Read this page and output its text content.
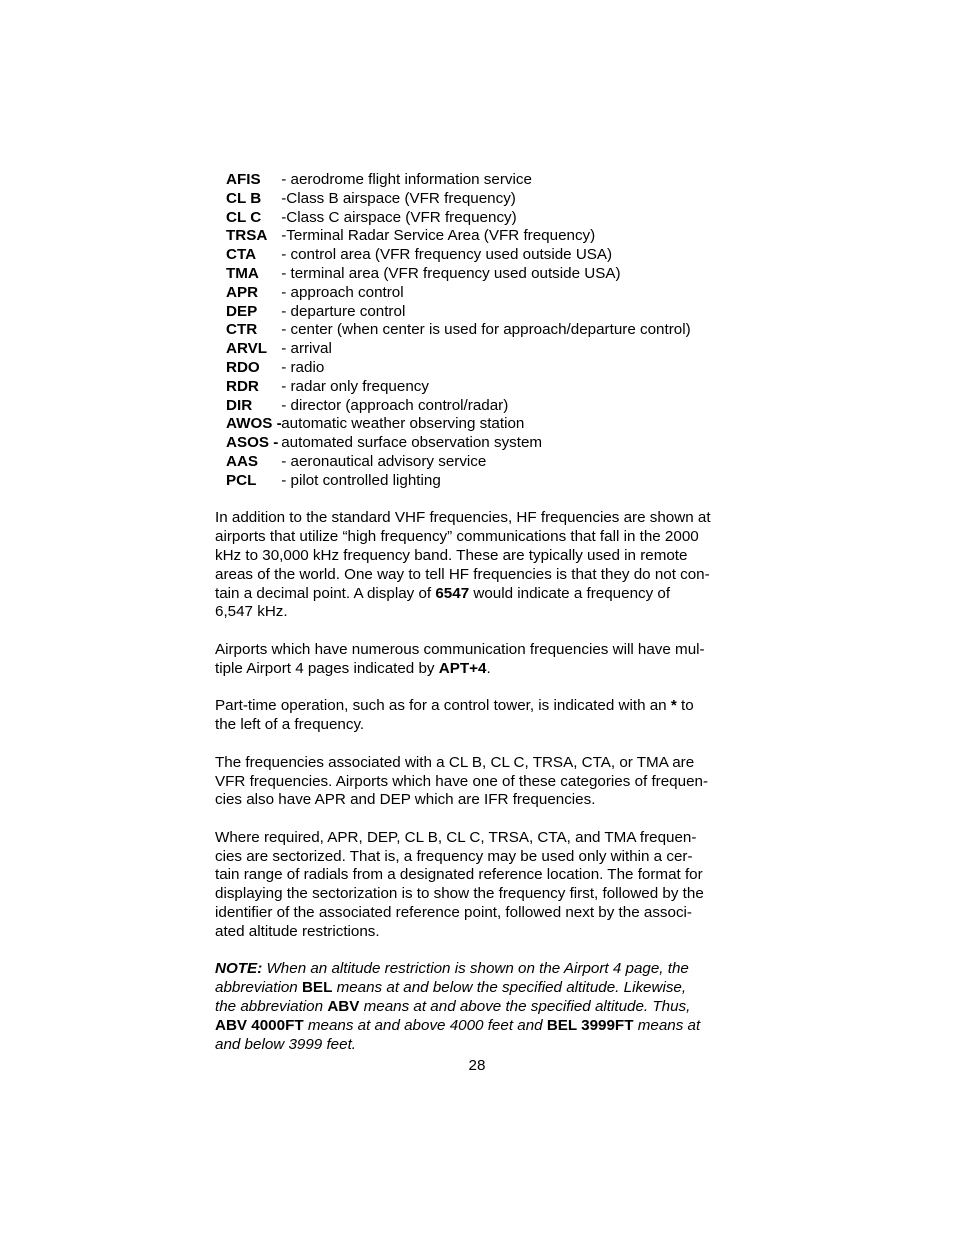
AFIS - aerodrome flight information service
CL B -Class B airspace (VFR frequency)
CL C -Class C airspace (VFR frequency)
TRSA -Terminal Radar Service Area (VFR frequency)
CTA - control area (VFR frequency used outside USA)
TMA - terminal area (VFR frequency used outside USA)
APR - approach control
DEP - departure control
CTR - center (when center is used for approach/departure control)
ARVL - arrival
RDO - radio
RDR - radar only frequency
DIR - director (approach control/radar)
AWOS - automatic weather observing station
ASOS - automated surface observation system
AAS - aeronautical advisory service
PCL - pilot controlled lighting

In addition to the standard VHF frequencies, HF frequencies are shown at
airports that utilize “high frequency” communications that fall in the 2000
kHz to 30,000 kHz frequency band. These are typically used in remote
areas of the world. One way to tell HF frequencies is that they do not con-
tain a decimal point. A display of 6547 would indicate a frequency of
6,547 kHz.

Airports which have numerous communication frequencies will have mul-
tiple Airport 4 pages indicated by APT+4.

Part-time operation, such as for a control tower, is indicated with an * to
the left of a frequency.

The frequencies associated with a CL B, CL C, TRSA, CTA, or TMA are
VFR frequencies. Airports which have one of these categories of frequen-
cies also have APR and DEP which are IFR frequencies.

Where required, APR, DEP, CL B, CL C, TRSA, CTA, and TMA frequen-
cies are sectorized. That is, a frequency may be used only within a cer-
tain range of radials from a designated reference location. The format for
displaying the sectorization is to show the frequency first, followed by the
identifier of the associated reference point, followed next by the associ-
ated altitude restrictions.

NOTE: When an altitude restriction is shown on the Airport 4 page, the
abbreviation BEL means at and below the specified altitude. Likewise,
the abbreviation ABV means at and above the specified altitude. Thus,
ABV 4000FT means at and above 4000 feet and BEL 3999FT means at
and below 3999 feet.

28
